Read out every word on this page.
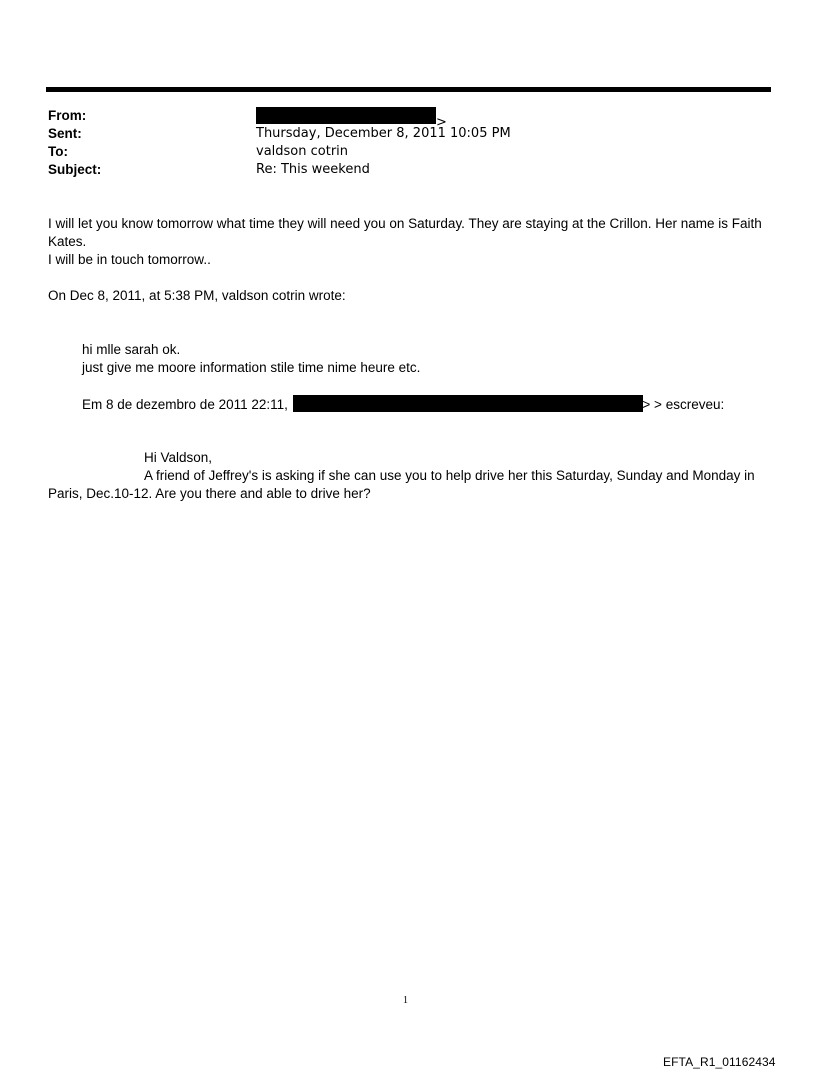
From:	>
Sent:	Thursday, December 8, 2011 10:05 PM
To:	valdson cotrin
Subject:	Re: This weekend
I will let you know tomorrow what time they will need you on Saturday. They are staying at the Crillon. Her name is Faith
Kates.
I will be in touch tomorrow..
On Dec 8, 2011, at 5:38 PM, valdson cotrin wrote:
hi mlle sarah ok.
just give me moore information stile time nime heure etc.
Em 8 de dezembro de 2011 22:11,	> > escreveu:
Hi Valdson,
A friend of Jeffrey's is asking if she can use you to help drive her this Saturday, Sunday and Monday in
Paris, Dec.10-12. Are you there and able to drive her?
1
EFTA_R1_01162434
